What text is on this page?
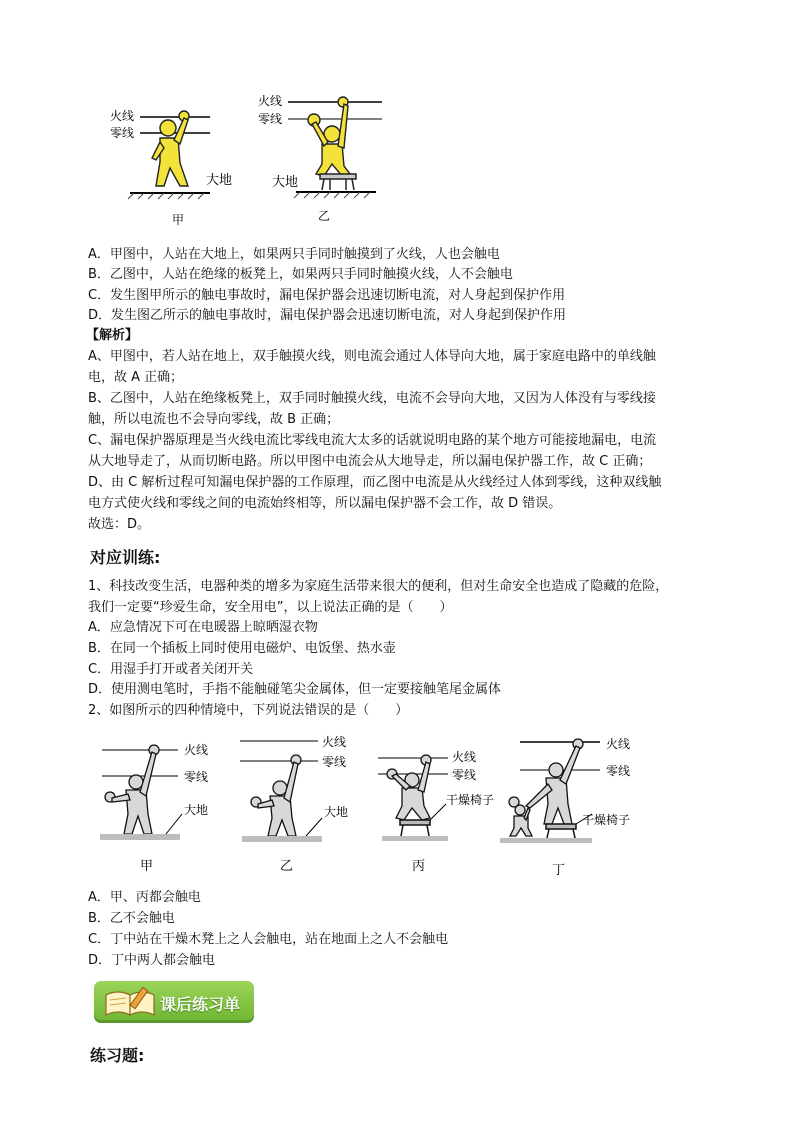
火线
零线
大地
甲
火线
零线
大地
乙
A．甲图中，人站在大地上，如果两只手同时触摸到了火线，人也会触电
B．乙图中，人站在绝缘的板凳上，如果两只手同时触摸火线，人不会触电
C．发生图甲所示的触电事故时，漏电保护器会迅速切断电流，对人身起到保护作用
D．发生图乙所示的触电事故时，漏电保护器会迅速切断电流，对人身起到保护作用
【解析】
A、甲图中，若人站在地上，双手触摸火线，则电流会通过人体导向大地，属于家庭电路中的单线触
电，故 A 正确；
B、乙图中，人站在绝缘板凳上，双手同时触摸火线，电流不会导向大地，又因为人体没有与零线接
触，所以电流也不会导向零线，故 B 正确；
C、漏电保护器原理是当火线电流比零线电流大太多的话就说明电路的某个地方可能接地漏电，电流
从大地导走了，从而切断电路。所以甲图中电流会从大地导走，所以漏电保护器工作，故 C 正确；
D、由 C 解析过程可知漏电保护器的工作原理，而乙图中电流是从火线经过人体到零线，这种双线触
电方式使火线和零线之间的电流始终相等，所以漏电保护器不会工作，故 D 错误。
故选：D。
对应训练:
1、科技改变生活，电器种类的增多为家庭生活带来很大的便利，但对生命安全也造成了隐藏的危险，
我们一定要“珍爱生命，安全用电”，以上说法正确的是（　　）
A．应急情况下可在电暖器上晾晒湿衣物
B．在同一个插板上同时使用电磁炉、电饭堡、热水壶
C．用湿手打开或者关闭开关
D．使用测电笔时，手指不能触碰笔尖金属体，但一定要接触笔尾金属体
2、如图所示的四种情境中，下列说法错误的是（　　）
火线
零线
大地
甲
火线
零线
大地
乙
火线
零线
干燥椅子
丙
火线
零线
干燥椅子
丁
A．甲、丙都会触电
B．乙不会触电
C．丁中站在干燥木凳上之人会触电，站在地面上之人不会触电
D．丁中两人都会触电
课后练习单
练习题:
